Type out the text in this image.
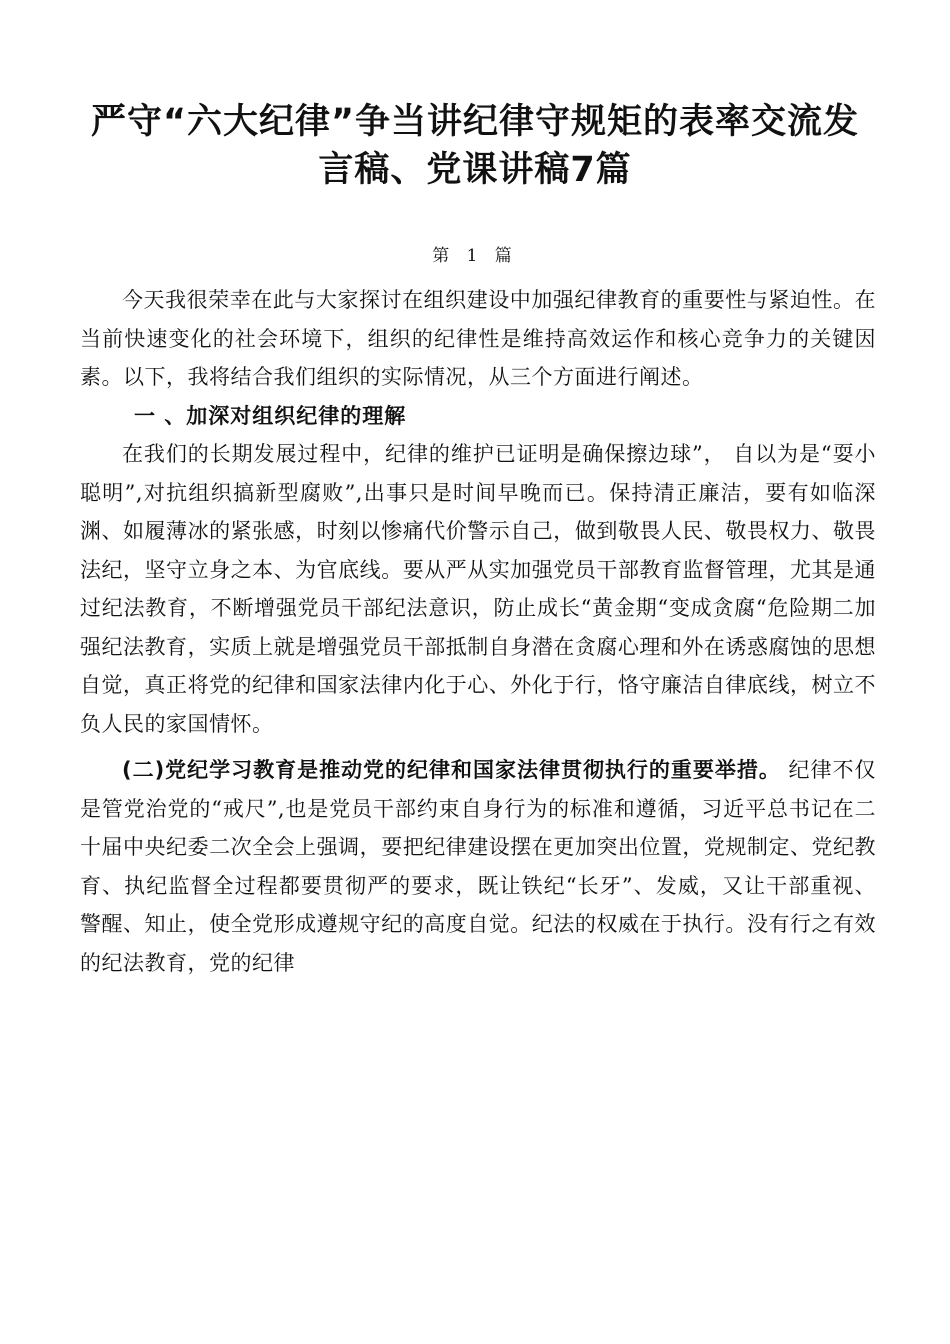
严守“六大纪律”争当讲纪律守规矩的表率交流发
言稿、党课讲稿7篇
第 1 篇

今天我很荣幸在此与大家探讨在组织建设中加强纪律教育的重要性与紧迫性。在当前快速变化的社会环境下，组织的纪律性是维持高效运作和核心竞争力的关键因素。以下，我将结合我们组织的实际情况，从三个方面进行阐述。

一 、加深对组织纪律的理解

在我们的长期发展过程中，纪律的维护已证明是确保擦边球”， 自以为是“耍小聪明”,对抗组织搞新型腐败”,出事只是时间早晚而已。保持清正廉洁，要有如临深渊、如履薄冰的紧张感，时刻以惨痛代价警示自己，做到敬畏人民、敬畏权力、敬畏法纪，坚守立身之本、为官底线。要从严从实加强党员干部教育监督管理，尤其是通过纪法教育，不断增强党员干部纪法意识，防止成长“黄金期“变成贪腐“危险期二加强纪法教育，实质上就是增强党员干部抵制自身潜在贪腐心理和外在诱惑腐蚀的思想自觉，真正将党的纪律和国家法律内化于心、外化于行，恪守廉洁自律底线，树立不负人民的家国情怀。

(二)党纪学习教育是推动党的纪律和国家法律贯彻执行的重要举措。 纪律不仅是管党治党的“戒尺”,也是党员干部约束自身行为的标准和遵循，习近平总书记在二十届中央纪委二次全会上强调，要把纪律建设摆在更加突出位置，党规制定、党纪教育、执纪监督全过程都要贯彻严的要求，既让铁纪“长牙”、发威，又让干部重视、警醒、知止，使全党形成遵规守纪的高度自觉。纪法的权威在于执行。没有行之有效的纪法教育，党的纪律
